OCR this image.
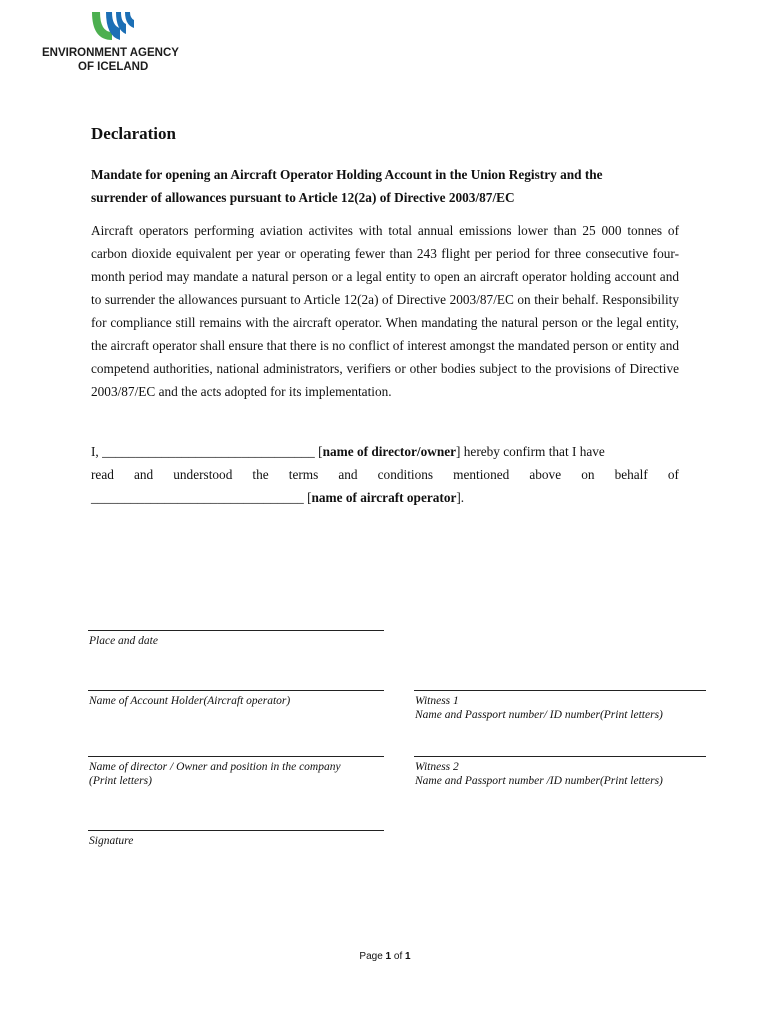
ENVIRONMENT AGENCY
OF ICELAND
Declaration
Mandate for opening an Aircraft Operator Holding Account in the Union Registry and the
surrender of allowances pursuant to Article 12(2a) of Directive 2003/87/EC

Aircraft operators performing aviation activites with total annual emissions lower than 25 000 tonnes of carbon dioxide equivalent per year or operating fewer than 243 flight per period for three consecutive four-month period may mandate a natural person or a legal entity to open an aircraft operator holding account and to surrender the allowances pursuant to Article 12(2a) of Directive 2003/87/EC on their behalf. Responsibility for compliance still remains with the aircraft operator. When mandating the natural person or the legal entity, the aircraft operator shall ensure that there is no conflict of interest amongst the mandated person or entity and competend authorities, national administrators, verifiers or other bodies subject to the provisions of Directive 2003/87/EC and the acts adopted for its implementation.

I, ________________________________ [name of director/owner] hereby confirm that I have
read and understood the terms and conditions mentioned above on behalf of
________________________________ [name of aircraft operator].
Place and date
Name of Account Holder(Aircraft operator)	Witness 1
Name and Passport number/ ID number(Print letters)
Name of director / Owner and position in the company
(Print letters)
Witness 2
Name and Passport number /ID number(Print letters)
Signature
Page 1 of 1
